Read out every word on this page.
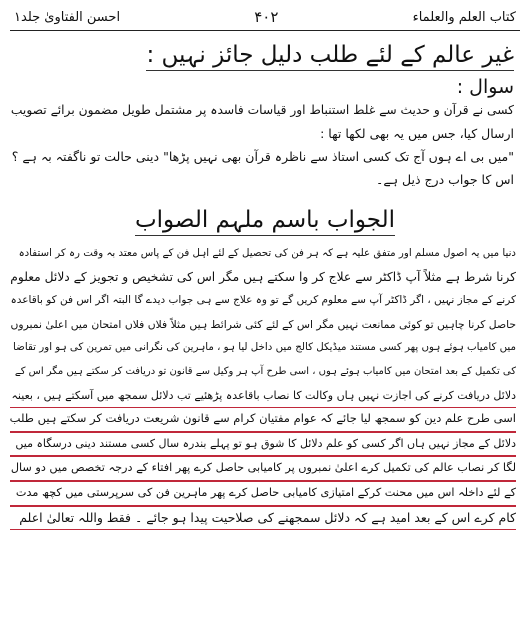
کتاب العلم والعلماء
۴۰۲
احسن الفتاویٰ جلد۱
غیر عالم کے لئے طلب دلیل جائز نہیں :
سوال :

کسی نے قرآن و حدیث سے غلط استنباط اور قیاسات فاسدہ پر مشتمل طویل مضمون برائے تصویب

ارسال کیا، جس میں یہ بھی لکھا تھا :

"میں بی اے ہوں آج تک کسی استاذ سے ناظرہ قرآن بھی نہیں پڑھا" دینی حالت تو ناگفتہ بہ ہے ؟

اس کا جواب درج ذیل ہے۔

الجواب باسم ملہم الصواب

دنیا میں یہ اصول مسلم اور متفق علیہ ہے کہ ہر فن کی تحصیل کے لئے اہل فن کے پاس معتد بہ وقت رہ کر استفادہ

کرنا شرط ہے مثلاً آپ ڈاکٹر سے علاج کر وا سکتے ہیں مگر اس کی تشخیص و تجویز کے دلائل معلوم

کرنے کے مجاز نہیں ، اگر ڈاکٹر آپ سے معلوم کریں گے تو وہ علاج سے ہی جواب دیدے گا البتہ اگر اس فن کو باقاعدہ

حاصل کرنا چاہیں تو کوئی ممانعت نہیں مگر اس کے لئے کئی شرائط ہیں مثلاً فلاں فلاں امتحان میں اعلیٰ نمبروں

میں کامیاب ہوئے ہوں پھر کسی مستند میڈیکل کالج میں داخل لیا ہو ، ماہرین کی نگرانی میں تمرین کی ہو اور تقاضا

کی تکمیل کے بعد امتحان میں کامیاب ہوئے ہوں ، اسی طرح آپ ہر وکیل سے قانون تو دریافت کر سکتے ہیں مگر اس کے

دلائل دریافت کرنے کی اجازت نہیں ہاں وکالت کا نصاب باقاعدہ پڑھئیے تب دلائل سمجھ میں آسکتے ہیں ، بعینہ

اسی طرح علم دین کو سمجھ لیا جائے کہ عوام مفتیان کرام سے قانون شریعت دریافت کر سکتے ہیں طلب

دلائل کے مجاز نہیں ہاں اگر کسی کو علم دلائل کا شوق ہو تو پہلے بندرہ سال کسی مستند دینی درسگاہ میں

لگا کر نصاب عالم کی تکمیل کرے اعلیٰ نمبروں پر کامیابی حاصل کرے پھر افتاء کے درجہ تخصص میں دو سال

کے لئے داخلہ اس میں محنت کرکے امتیازی کامیابی حاصل کرے پھر ماہرین فن کی سرپرستی میں کچھ مدت

کام کرے اس کے بعد امید ہے کہ دلائل سمجھنے کی صلاحیت پیدا ہو جائے ۔ فقط واللہ تعالیٰ اعلم
